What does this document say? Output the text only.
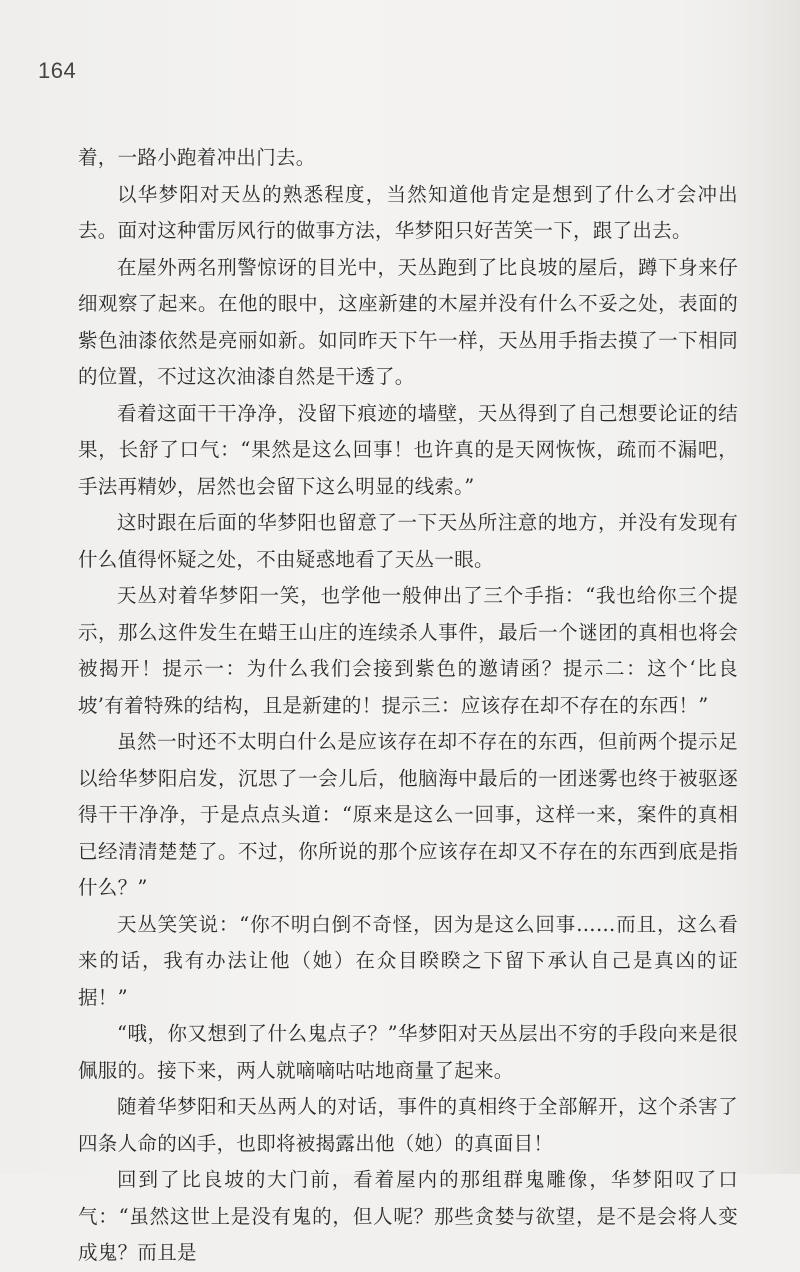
164

着，一路小跑着冲出门去。

以华梦阳对天丛的熟悉程度，当然知道他肯定是想到了什么才会冲出去。面对这种雷厉风行的做事方法，华梦阳只好苦笑一下，跟了出去。

在屋外两名刑警惊讶的目光中，天丛跑到了比良坡的屋后，蹲下身来仔细观察了起来。在他的眼中，这座新建的木屋并没有什么不妥之处，表面的紫色油漆依然是亮丽如新。如同昨天下午一样，天丛用手指去摸了一下相同的位置，不过这次油漆自然是干透了。

看着这面干干净净，没留下痕迹的墙壁，天丛得到了自己想要论证的结果，长舒了口气：“果然是这么回事！也许真的是天网恢恢，疏而不漏吧，手法再精妙，居然也会留下这么明显的线索。”

这时跟在后面的华梦阳也留意了一下天丛所注意的地方，并没有发现有什么值得怀疑之处，不由疑惑地看了天丛一眼。

天丛对着华梦阳一笑，也学他一般伸出了三个手指：“我也给你三个提示，那么这件发生在蜡王山庄的连续杀人事件，最后一个谜团的真相也将会被揭开！提示一：为什么我们会接到紫色的邀请函？提示二：这个‘比良坡’有着特殊的结构，且是新建的！提示三：应该存在却不存在的东西！”

虽然一时还不太明白什么是应该存在却不存在的东西，但前两个提示足以给华梦阳启发，沉思了一会儿后，他脑海中最后的一团迷雾也终于被驱逐得干干净净，于是点点头道：“原来是这么一回事，这样一来，案件的真相已经清清楚楚了。不过，你所说的那个应该存在却又不存在的东西到底是指什么？”

天丛笑笑说：“你不明白倒不奇怪，因为是这么回事……而且，这么看来的话，我有办法让他（她）在众目睽睽之下留下承认自己是真凶的证据！”

“哦，你又想到了什么鬼点子？”华梦阳对天丛层出不穷的手段向来是很佩服的。接下来，两人就嘀嘀咕咕地商量了起来。

随着华梦阳和天丛两人的对话，事件的真相终于全部解开，这个杀害了四条人命的凶手，也即将被揭露出他（她）的真面目！

回到了比良坡的大门前，看着屋内的那组群鬼雕像，华梦阳叹了口气：“虽然这世上是没有鬼的，但人呢？那些贪婪与欲望，是不是会将人变成鬼？而且是
